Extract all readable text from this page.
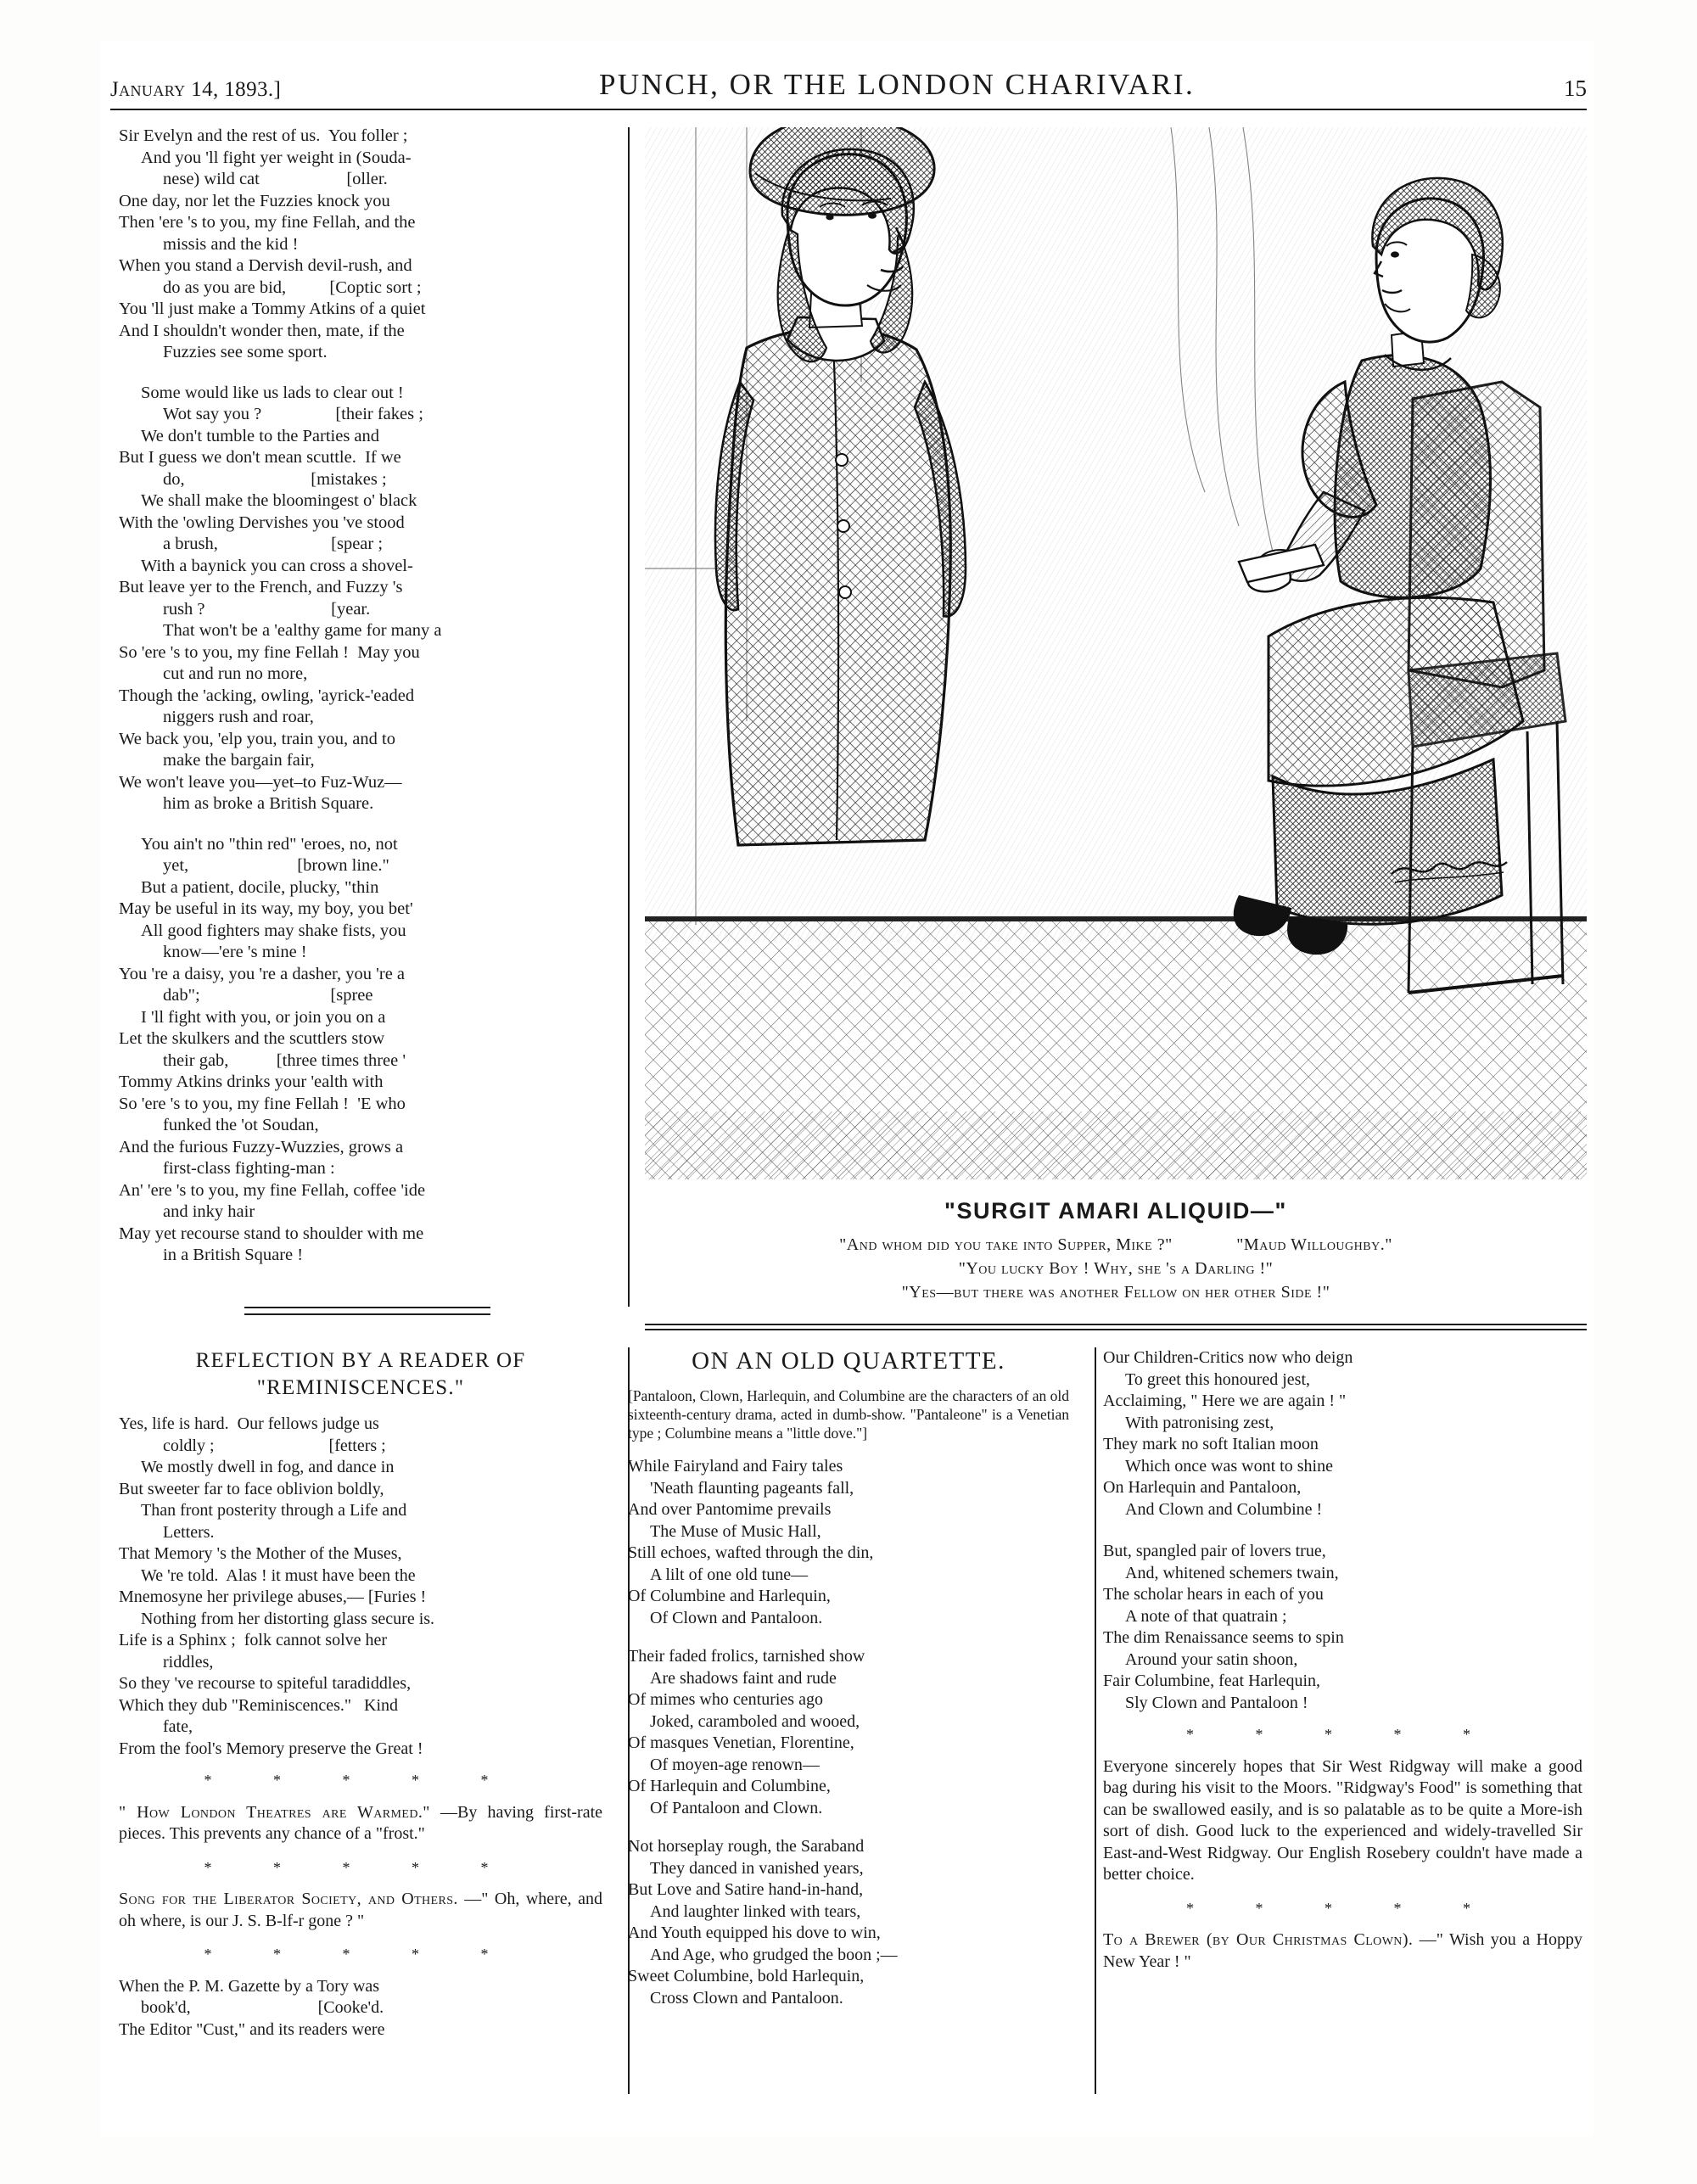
January 14, 1893.]	PUNCH, OR THE LONDON CHARIVARI.	15
Sir Evelyn and the rest of us.  You foller ;
And you 'll fight yer weight in (Souda-
nese) wild cat                    [oller.
One day, nor let the Fuzzies knock you
Then 'ere 's to you, my fine Fellah, and the
missis and the kid !
When you stand a Dervish devil-rush, and
do as you are bid,          [Coptic sort ;
You 'll just make a Tommy Atkins of a quiet
And I shouldn't wonder then, mate, if the
Fuzzies see some sport.
Some would like us lads to clear out !
Wot say you ?                 [their fakes ;
We don't tumble to the Parties and
But I guess we don't mean scuttle.  If we
do,                             [mistakes ;
We shall make the bloomingest o' black
With the 'owling Dervishes you 've stood
a brush,                          [spear ;
With a baynick you can cross a shovel-
But leave yer to the French, and Fuzzy 's
rush ?                             [year.
That won't be a 'ealthy game for many a
So 'ere 's to you, my fine Fellah !  May you
cut and run no more,
Though the 'acking, owling, 'ayrick-'eaded
niggers rush and roar,
We back you, 'elp you, train you, and to
make the bargain fair,
We won't leave you—yet–to Fuz-Wuz—
him as broke a British Square.
You ain't no "thin red" 'eroes, no, not
yet,                         [brown line."
But a patient, docile, plucky, "thin
May be useful in its way, my boy, you bet'
All good fighters may shake fists, you
know—'ere 's mine !
You 're a daisy, you 're a dasher, you 're a
dab";                              [spree
I 'll fight with you, or join you on a
Let the skulkers and the scuttlers stow
their gab,           [three times three '
Tommy Atkins drinks your 'ealth with
So 'ere 's to you, my fine Fellah !  'E who
funked the 'ot Soudan,
And the furious Fuzzy-Wuzzies, grows a
first-class fighting-man :
An' 'ere 's to you, my fine Fellah, coffee 'ide
and inky hair
May yet recourse stand to shoulder with me
in a British Square !
"SURGIT AMARI ALIQUID—"
"And whom did you take into Supper, Mike ?"	"Maud Willoughby."
"You lucky Boy ! Why, she 's a Darling !"
"Yes—but there was another Fellow on her other Side !"
REFLECTION BY A READER OF
"REMINISCENCES."
Yes, life is hard.  Our fellows judge us
coldly ;                           [fetters ;
We mostly dwell in fog, and dance in
But sweeter far to face oblivion boldly,
Than front posterity through a Life and
Letters.
That Memory 's the Mother of the Muses,
We 're told.  Alas ! it must have been the
Mnemosyne her privilege abuses,— [Furies !
Nothing from her distorting glass secure is.
Life is a Sphinx ;  folk cannot solve her
riddles,
So they 've recourse to spiteful taradiddles,
Which they dub "Reminiscences."   Kind
fate,
From the fool's Memory preserve the Great !
* * * * *
" How London Theatres are Warmed." —By having first-rate pieces. This prevents any chance of a "frost."
* * * * *
Song for the Liberator Society, and Others. —" Oh, where, and oh where, is our J. S. B-lf-r gone ? "
* * * * *
When the P. M. Gazette by a Tory was
book'd,                              [Cooke'd.
The Editor "Cust," and its readers were
ON AN OLD QUARTETTE.
[Pantaloon, Clown, Harlequin, and Columbine are the characters of an old sixteenth-century drama, acted in dumb-show. "Pantaleone" is a Venetian type ; Columbine means a "little dove."]
While Fairyland and Fairy tales
'Neath flaunting pageants fall,
And over Pantomime prevails
The Muse of Music Hall,
Still echoes, wafted through the din,
A lilt of one old tune—
Of Columbine and Harlequin,
Of Clown and Pantaloon.
Their faded frolics, tarnished show
Are shadows faint and rude
Of mimes who centuries ago
Joked, caramboled and wooed,
Of masques Venetian, Florentine,
Of moyen-age renown—
Of Harlequin and Columbine,
Of Pantaloon and Clown.
Not horseplay rough, the Saraband
They danced in vanished years,
But Love and Satire hand-in-hand,
And laughter linked with tears,
And Youth equipped his dove to win,
And Age, who grudged the boon ;—
Sweet Columbine, bold Harlequin,
Cross Clown and Pantaloon.
Our Children-Critics now who deign
To greet this honoured jest,
Acclaiming, " Here we are again ! "
With patronising zest,
They mark no soft Italian moon
Which once was wont to shine
On Harlequin and Pantaloon,
And Clown and Columbine !
But, spangled pair of lovers true,
And, whitened schemers twain,
The scholar hears in each of you
A note of that quatrain ;
The dim Renaissance seems to spin
Around your satin shoon,
Fair Columbine, feat Harlequin,
Sly Clown and Pantaloon !
* * * * *
Everyone sincerely hopes that Sir West Ridgway will make a good bag during his visit to the Moors. "Ridgway's Food" is something that can be swallowed easily, and is so palatable as to be quite a More-ish sort of dish. Good luck to the experienced and widely-travelled Sir East-and-West Ridgway. Our English Rosebery couldn't have made a better choice.
* * * * *
To a Brewer (by Our Christmas Clown). —" Wish you a Hoppy New Year ! "
